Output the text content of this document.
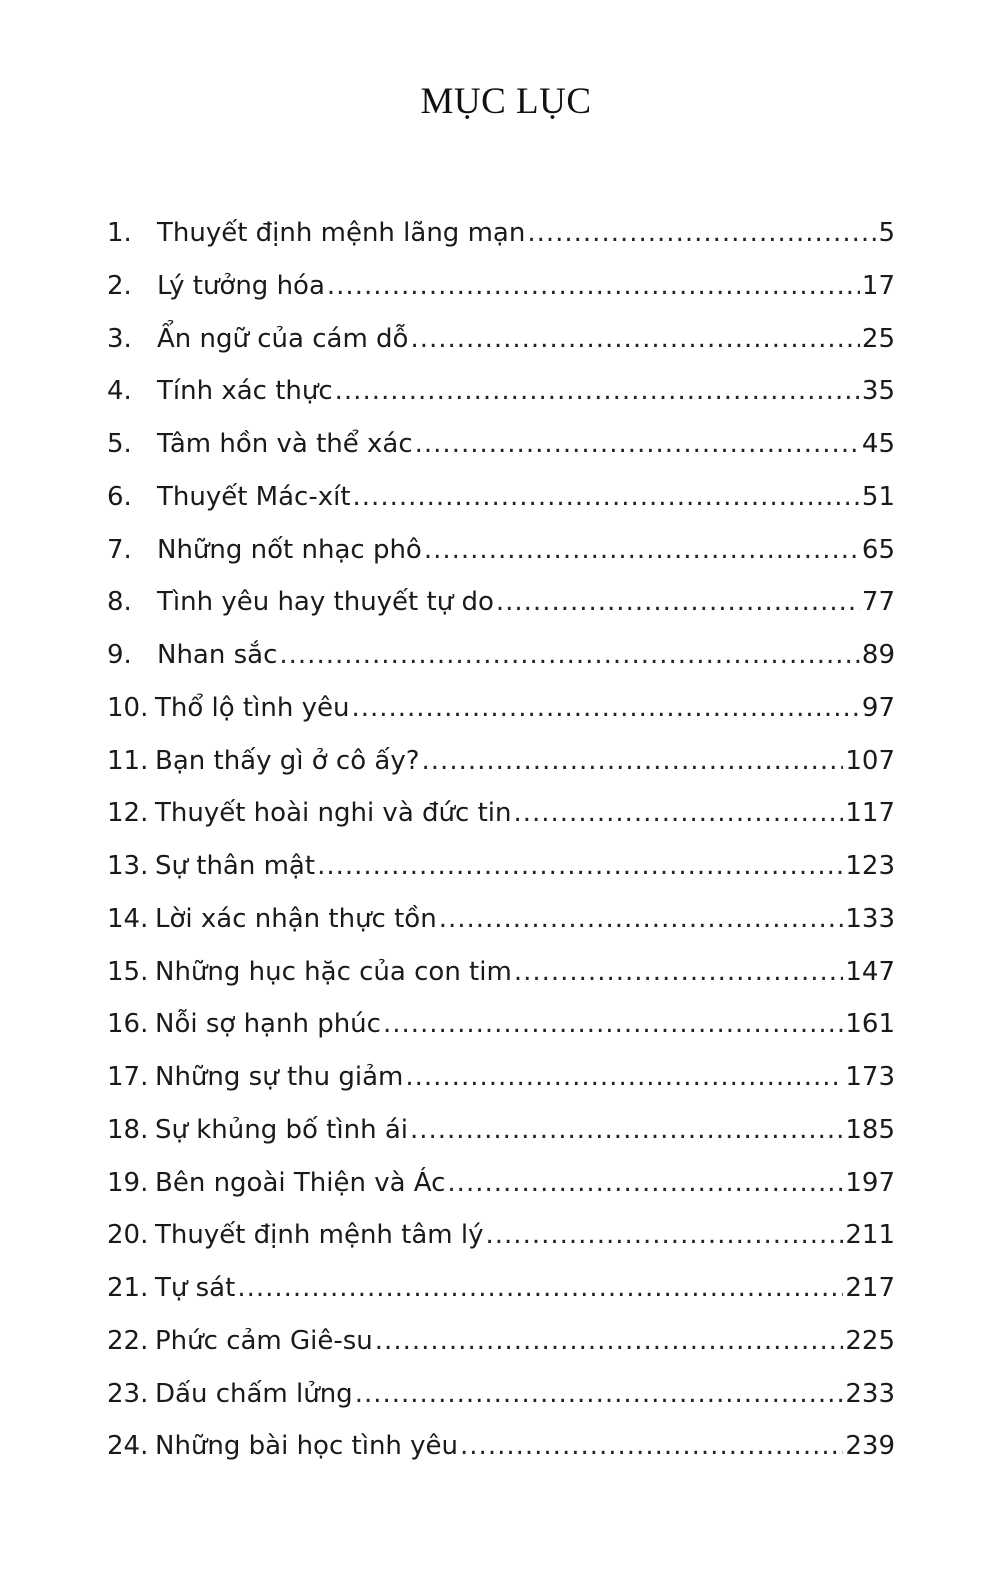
MỤC LỤC
1. Thuyết định mệnh lãng mạn .....	5
2. Lý tưởng hóa .....	17
3. Ẩn ngữ của cám dỗ .....	25
4. Tính xác thực .....	35
5. Tâm hồn và thể xác .....	45
6. Thuyết Mác-xít .....	51
7. Những nốt nhạc phô .....	65
8. Tình yêu hay thuyết tự do .....	77
9. Nhan sắc .....	89
10. Thổ lộ tình yêu .....	97
11. Bạn thấy gì ở cô ấy? .....	107
12. Thuyết hoài nghi và đức tin .....	117
13. Sự thân mật .....	123
14. Lời xác nhận thực tồn .....	133
15. Những hục hặc của con tim .....	147
16. Nỗi sợ hạnh phúc .....	161
17. Những sự thu giảm .....	173
18. Sự khủng bố tình ái .....	185
19. Bên ngoài Thiện và Ác .....	197
20. Thuyết định mệnh tâm lý .....	211
21. Tự sát .....	217
22. Phức cảm Giê-su .....	225
23. Dấu chấm lửng .....	233
24. Những bài học tình yêu .....	239
